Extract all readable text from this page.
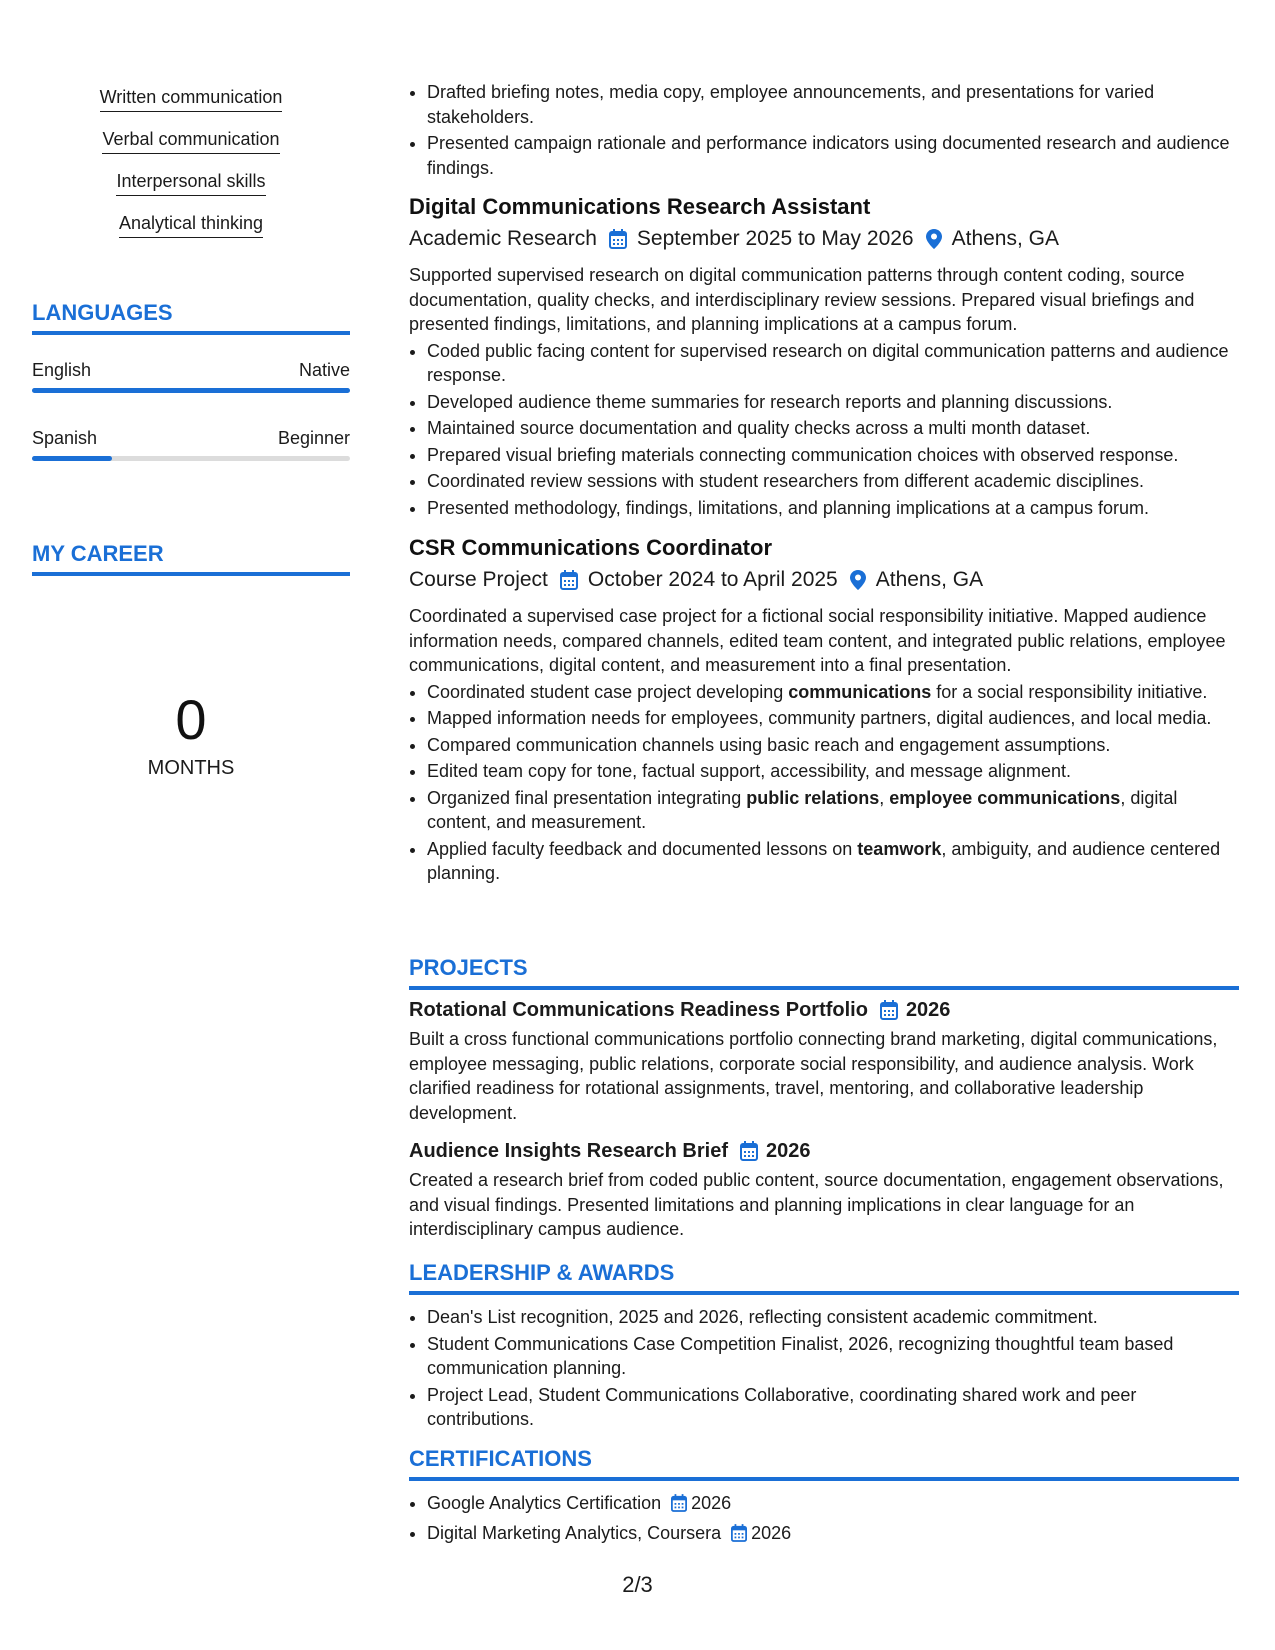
Written communication
Verbal communication
Interpersonal skills
Analytical thinking
LANGUAGES
English	Native
Spanish	Beginner
MY CAREER
0
MONTHS
• Drafted briefing notes, media copy, employee announcements, and presentations for varied stakeholders.
• Presented campaign rationale and performance indicators using documented research and audience findings.
Digital Communications Research Assistant
Academic Research September 2025 to May 2026 Athens, GA
Supported supervised research on digital communication patterns through content coding, source documentation, quality checks, and interdisciplinary review sessions. Prepared visual briefings and presented findings, limitations, and planning implications at a campus forum.
• Coded public facing content for supervised research on digital communication patterns and audience response.
• Developed audience theme summaries for research reports and planning discussions.
• Maintained source documentation and quality checks across a multi month dataset.
• Prepared visual briefing materials connecting communication choices with observed response.
• Coordinated review sessions with student researchers from different academic disciplines.
• Presented methodology, findings, limitations, and planning implications at a campus forum.
CSR Communications Coordinator
Course Project October 2024 to April 2025 Athens, GA
Coordinated a supervised case project for a fictional social responsibility initiative. Mapped audience information needs, compared channels, edited team content, and integrated public relations, employee communications, digital content, and measurement into a final presentation.
• Coordinated student case project developing communications for a social responsibility initiative.
• Mapped information needs for employees, community partners, digital audiences, and local media.
• Compared communication channels using basic reach and engagement assumptions.
• Edited team copy for tone, factual support, accessibility, and message alignment.
• Organized final presentation integrating public relations, employee communications, digital content, and measurement.
• Applied faculty feedback and documented lessons on teamwork, ambiguity, and audience centered planning.
PROJECTS
Rotational Communications Readiness Portfolio 2026
Built a cross functional communications portfolio connecting brand marketing, digital communications, employee messaging, public relations, corporate social responsibility, and audience analysis. Work clarified readiness for rotational assignments, travel, mentoring, and collaborative leadership development.
Audience Insights Research Brief 2026
Created a research brief from coded public content, source documentation, engagement observations, and visual findings. Presented limitations and planning implications in clear language for an interdisciplinary campus audience.
LEADERSHIP & AWARDS
• Dean's List recognition, 2025 and 2026, reflecting consistent academic commitment.
• Student Communications Case Competition Finalist, 2026, recognizing thoughtful team based communication planning.
• Project Lead, Student Communications Collaborative, coordinating shared work and peer contributions.
CERTIFICATIONS
• Google Analytics Certification 2026
• Digital Marketing Analytics, Coursera 2026
2/3
